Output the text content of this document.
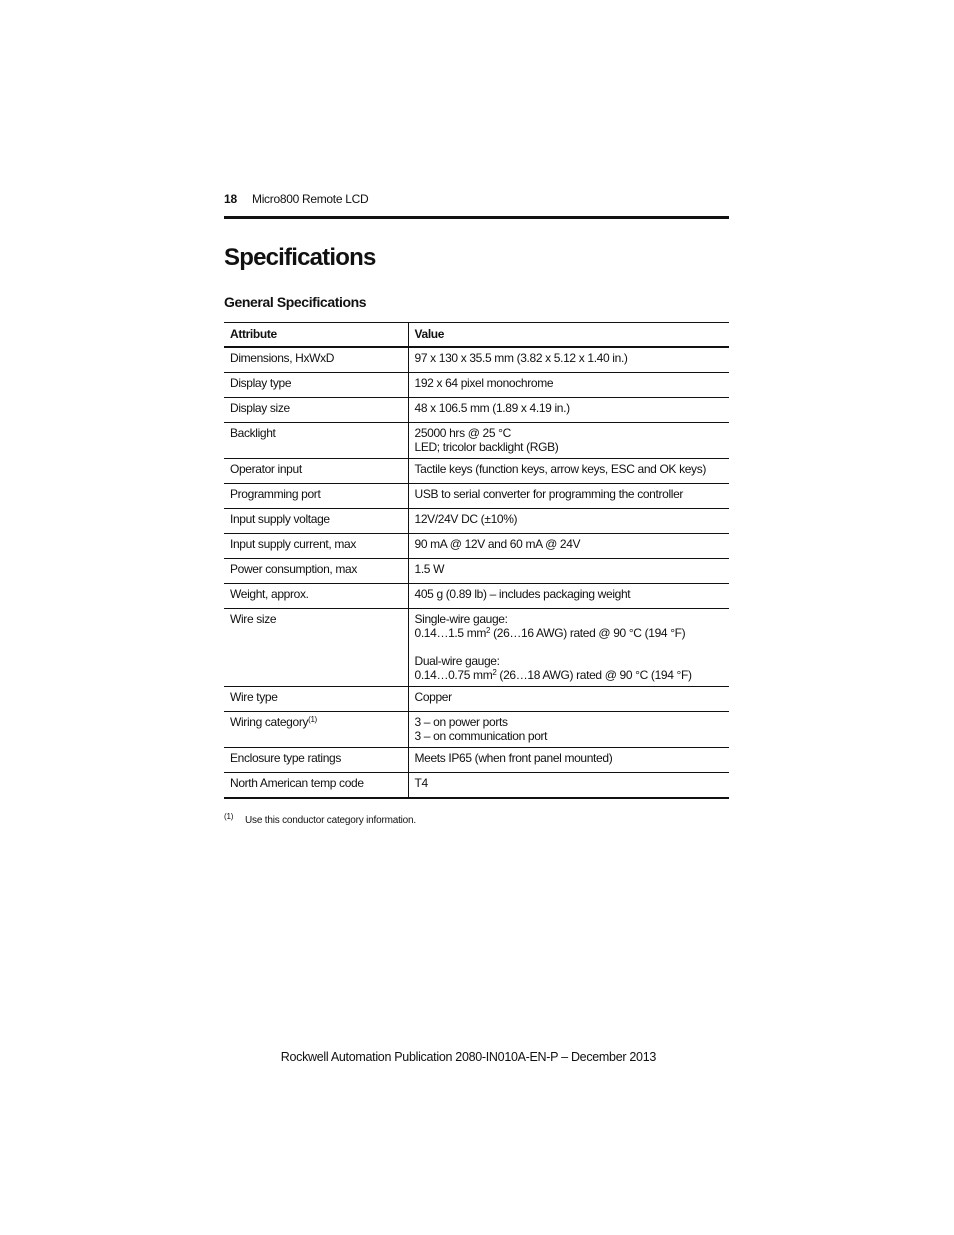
18 Micro800 Remote LCD
Specifications
General Specifications
Attribute	Value
Dimensions, HxWxD	97 x 130 x 35.5 mm (3.82 x 5.12 x 1.40 in.)
Display type	192 x 64 pixel monochrome
Display size	48 x 106.5 mm (1.89 x 4.19 in.)
Backlight	25000 hrs @ 25 °C
LED; tricolor backlight (RGB)

Operator input	Tactile keys (function keys, arrow keys, ESC and OK keys)
Programming port	USB to serial converter for programming the controller
Input supply voltage	12V/24V DC (±10%)
Input supply current, max	90 mA @ 12V and 60 mA @ 24V
Power consumption, max	1.5 W
Weight, approx.	405 g (0.89 lb) – includes packaging weight
Wire size	Single-wire gauge:
0.14…1.5 $mm^2$ (26…16 AWG) rated @ 90 °C (194 °F)
Dual-wire gauge:
0.14…0.75 $mm^2$ (26…18 AWG) rated @ 90 °C (194 °F)

Wire type	Copper
Wiring category$^{(1)}$	3 – on power ports
3 – on communication port

Enclosure type ratings	Meets IP65 (when front panel mounted)
North American temp code	T4
(1) Use this conductor category information.
Rockwell Automation Publication 2080-IN010A-EN-P – December 2013
